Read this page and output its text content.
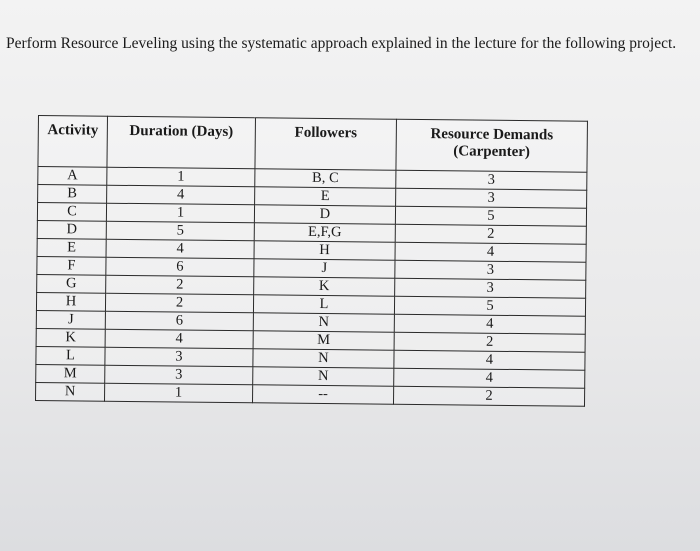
Perform Resource Leveling using the systematic approach explained in the lecture for the following project.
Activity	Duration (Days)	Followers	Resource Demands (Carpenter)
A	1	B, C	3
B	4	E	3
C	1	D	5
D	5	E,F,G	2
E	4	H	4
F	6	J	3
G	2	K	3
H	2	L	5
J	6	N	4
K	4	M	2
L	3	N	4
M	3	N	4
N	1	--	2
